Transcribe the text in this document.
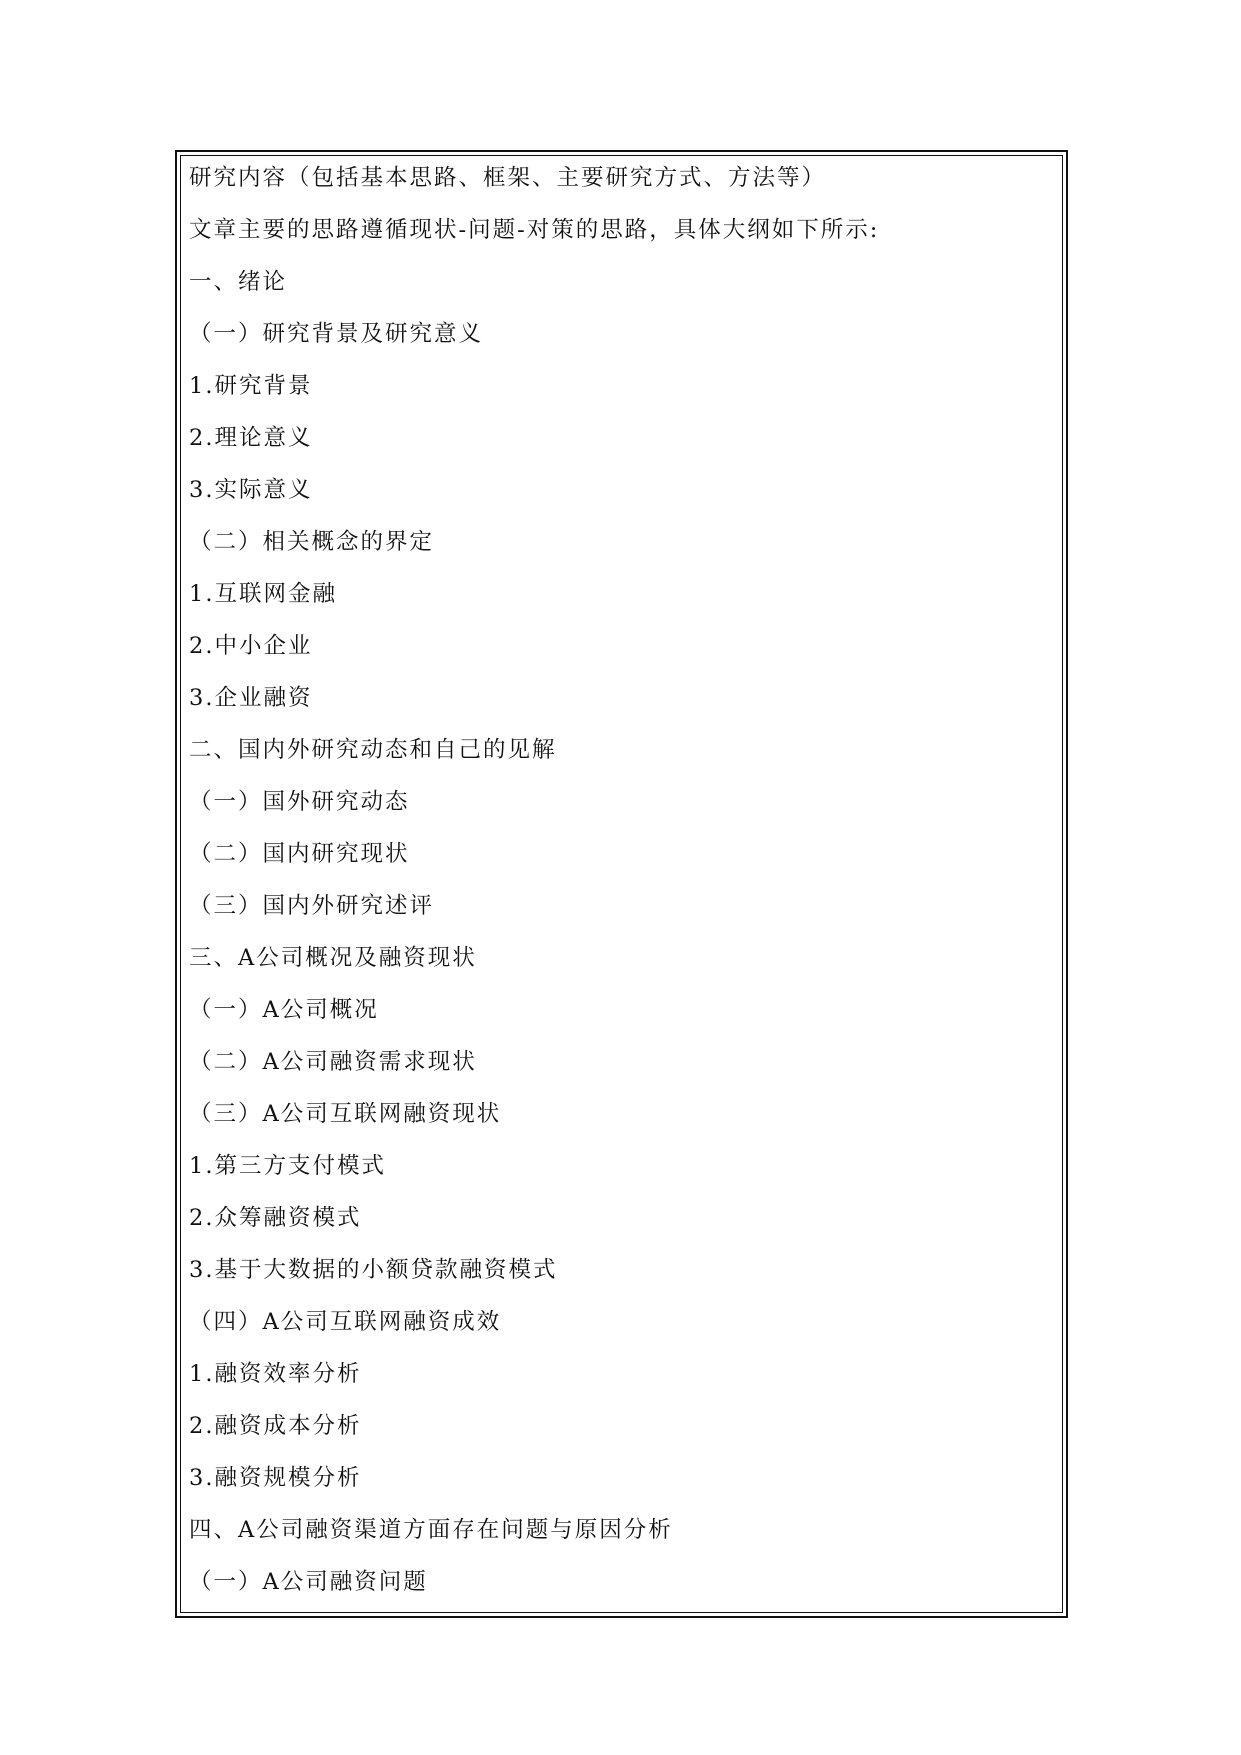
研究内容（包括基本思路、框架、主要研究方式、方法等）
文章主要的思路遵循现状-问题-对策的思路，具体大纲如下所示:
一、绪论
（一）研究背景及研究意义
1.研究背景
2.理论意义
3.实际意义
（二）相关概念的界定
1.互联网金融
2.中小企业
3.企业融资
二、国内外研究动态和自己的见解
（一）国外研究动态
（二）国内研究现状
（三）国内外研究述评
三、A公司概况及融资现状
（一）A公司概况
（二）A公司融资需求现状
（三）A公司互联网融资现状
1.第三方支付模式
2.众筹融资模式
3.基于大数据的小额贷款融资模式
（四）A公司互联网融资成效
1.融资效率分析
2.融资成本分析
3.融资规模分析
四、A公司融资渠道方面存在问题与原因分析
（一）A公司融资问题
